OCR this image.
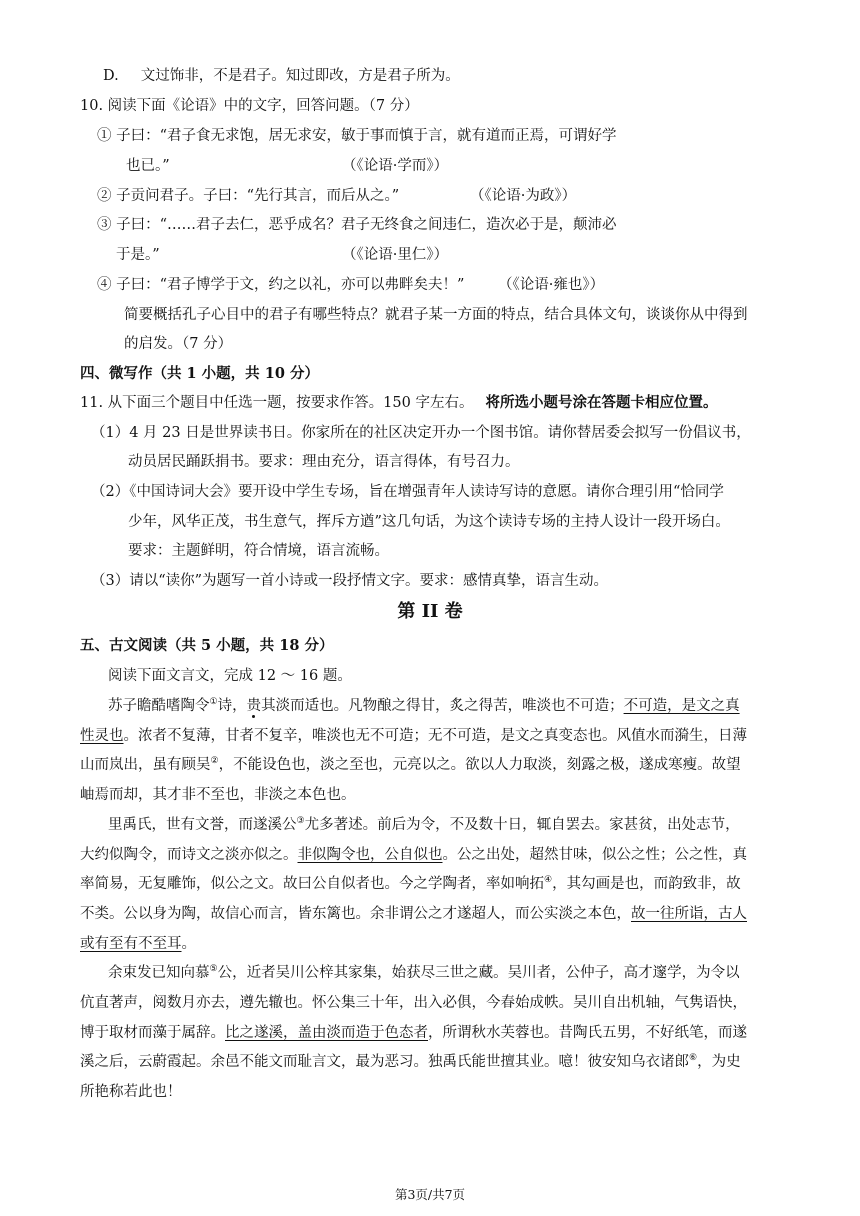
D. 文过饰非，不是君子。知过即改，方是君子所为。
10. 阅读下面《论语》中的文字，回答问题。（7 分）
① 子曰：“君子食无求饱，居无求安，敏于事而慎于言，就有道而正焉，可谓好学
也已。”	（《论语·学而》）
② 子贡问君子。子曰：“先行其言，而后从之。”	（《论语·为政》）
③ 子曰：“……君子去仁，恶乎成名？君子无终食之间违仁，造次必于是，颠沛必
于是。”	（《论语·里仁》）
④ 子曰：“君子博学于文，约之以礼，亦可以弗畔矣夫！” （《论语·雍也》）
简要概括孔子心目中的君子有哪些特点？就君子某一方面的特点，结合具体文句，谈谈你从中得到
的启发。（7 分）
四、微写作（共 1 小题，共 10 分）
11. 从下面三个题目中任选一题，按要求作答。150 字左右。 将所选小题号涂在答题卡相应位置。
（1）4 月 23 日是世界读书日。你家所在的社区决定开办一个图书馆。请你替居委会拟写一份倡议书，
动员居民踊跃捐书。要求：理由充分，语言得体，有号召力。
（2）《中国诗词大会》要开设中学生专场，旨在增强青年人读诗写诗的意愿。请你合理引用“恰同学
少年，风华正茂，书生意气，挥斥方遒”这几句话，为这个读诗专场的主持人设计一段开场白。
要求：主题鲜明，符合情境，语言流畅。
（3）请以“读你”为题写一首小诗或一段抒情文字。要求：感情真挚，语言生动。
第 II 卷
五、古文阅读（共 5 小题，共 18 分）
阅读下面文言文，完成 12 ～ 16 题。
苏子瞻酷嗜陶令①诗，贵其淡而适也。凡物酿之得甘，炙之得苦，唯淡也不可造；不可造，是文之真
性灵也。浓者不复薄，甘者不复辛，唯淡也无不可造；无不可造，是文之真变态也。风值水而漪生，日薄
山而岚出，虽有顾吴②，不能设色也，淡之至也，元亮以之。欲以人力取淡，刻露之极，遂成寒瘦。故望
岫焉而却，其才非不至也，非淡之本色也。
里禹氏，世有文誉，而遂溪公③尤多著述。前后为令，不及数十日，辄自罢去。家甚贫，出处志节，
大约似陶令，而诗文之淡亦似之。非似陶令也，公自似也。公之出处，超然甘味，似公之性；公之性，真
率简易，无复雕饰，似公之文。故曰公自似者也。今之学陶者，率如响拓④，其勾画是也，而韵致非，故
不类。公以身为陶，故信心而言，皆东篱也。余非谓公之才遂超人，而公实淡之本色，故一往所诣，古人
或有至有不至耳。
余束发已知向慕⑤公，近者吴川公梓其家集，始获尽三世之藏。吴川者，公仲子，高才邃学，为令以
伉直著声，阅数月亦去，遵先辙也。怀公集三十年，出入必俱，今春始成帙。吴川自出机轴，气隽语快，
博于取材而藻于属辞。比之遂溪，盖由淡而造于色态者，所谓秋水芙蓉也。昔陶氏五男，不好纸笔，而遂
溪之后，云蔚霞起。余邑不能文而耻言文，最为恶习。独禹氏能世擅其业。噫！彼安知乌衣诸郎⑥，为史
所艳称若此也！
第3页/共7页
